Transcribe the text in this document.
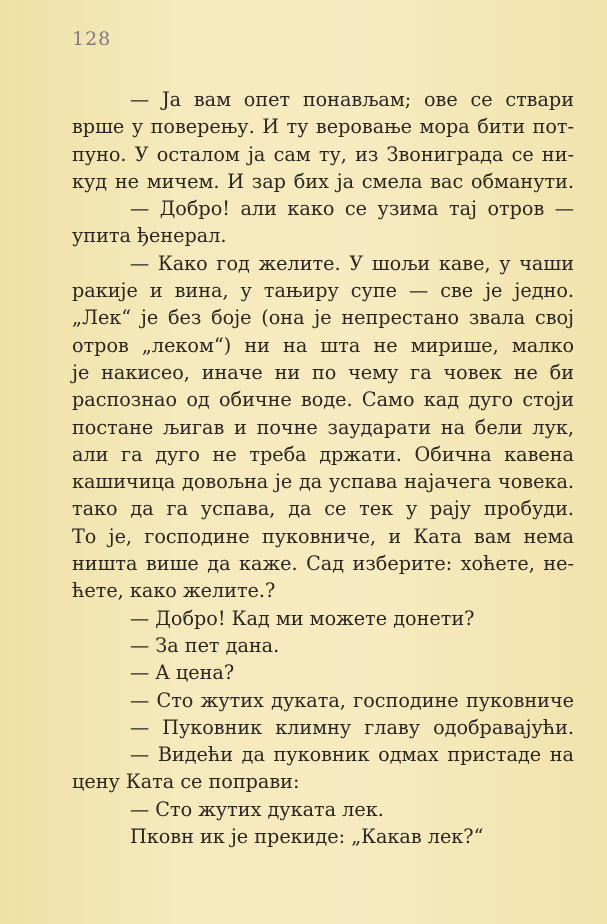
128
— Ја вам опет понављам; ове се ствари
врше у поверењу. И ту веровање мора бити пот-
пуно. У осталом ја сам ту, из Звониграда се ни-
куд не мичем. И зар бих ја смела вас обманути.
— Добро! али како се узима тај отров —
упита ђенерал.
— Како год желите. У шољи каве, у чаши
ракије и вина, у тањиру супе — све је једно.
„Лек“ је без боје (она је непрестано звала свој
отров „леком“) ни на шта не мирише, малко
је накисео, иначе ни по чему га човек не би
распознао од обичне воде. Само кад дуго стоји
постане љигав и почне заударати на бели лук,
али га дуго не треба држати. Обична кавена
кашичица довољна је да успава најачега човека.
тако да га успава, да се тек у рају пробуди.
То је, господине пуковниче, и Ката вам нема
ништа више да каже. Сад изберите: хоћете, не-
ћете, како желите.?
— Добро! Кад ми можете донети?
— За пет дана.
— А цена?
— Сто жутих дуката, господине пуковниче
— Пуковник климну главу одобравајући.
— Видећи да пуковник одмах пристаде на
цену Ката се поправи:
— Сто жутих дуката лек.
Пковн ик је прекиде: „Какав лек?“
